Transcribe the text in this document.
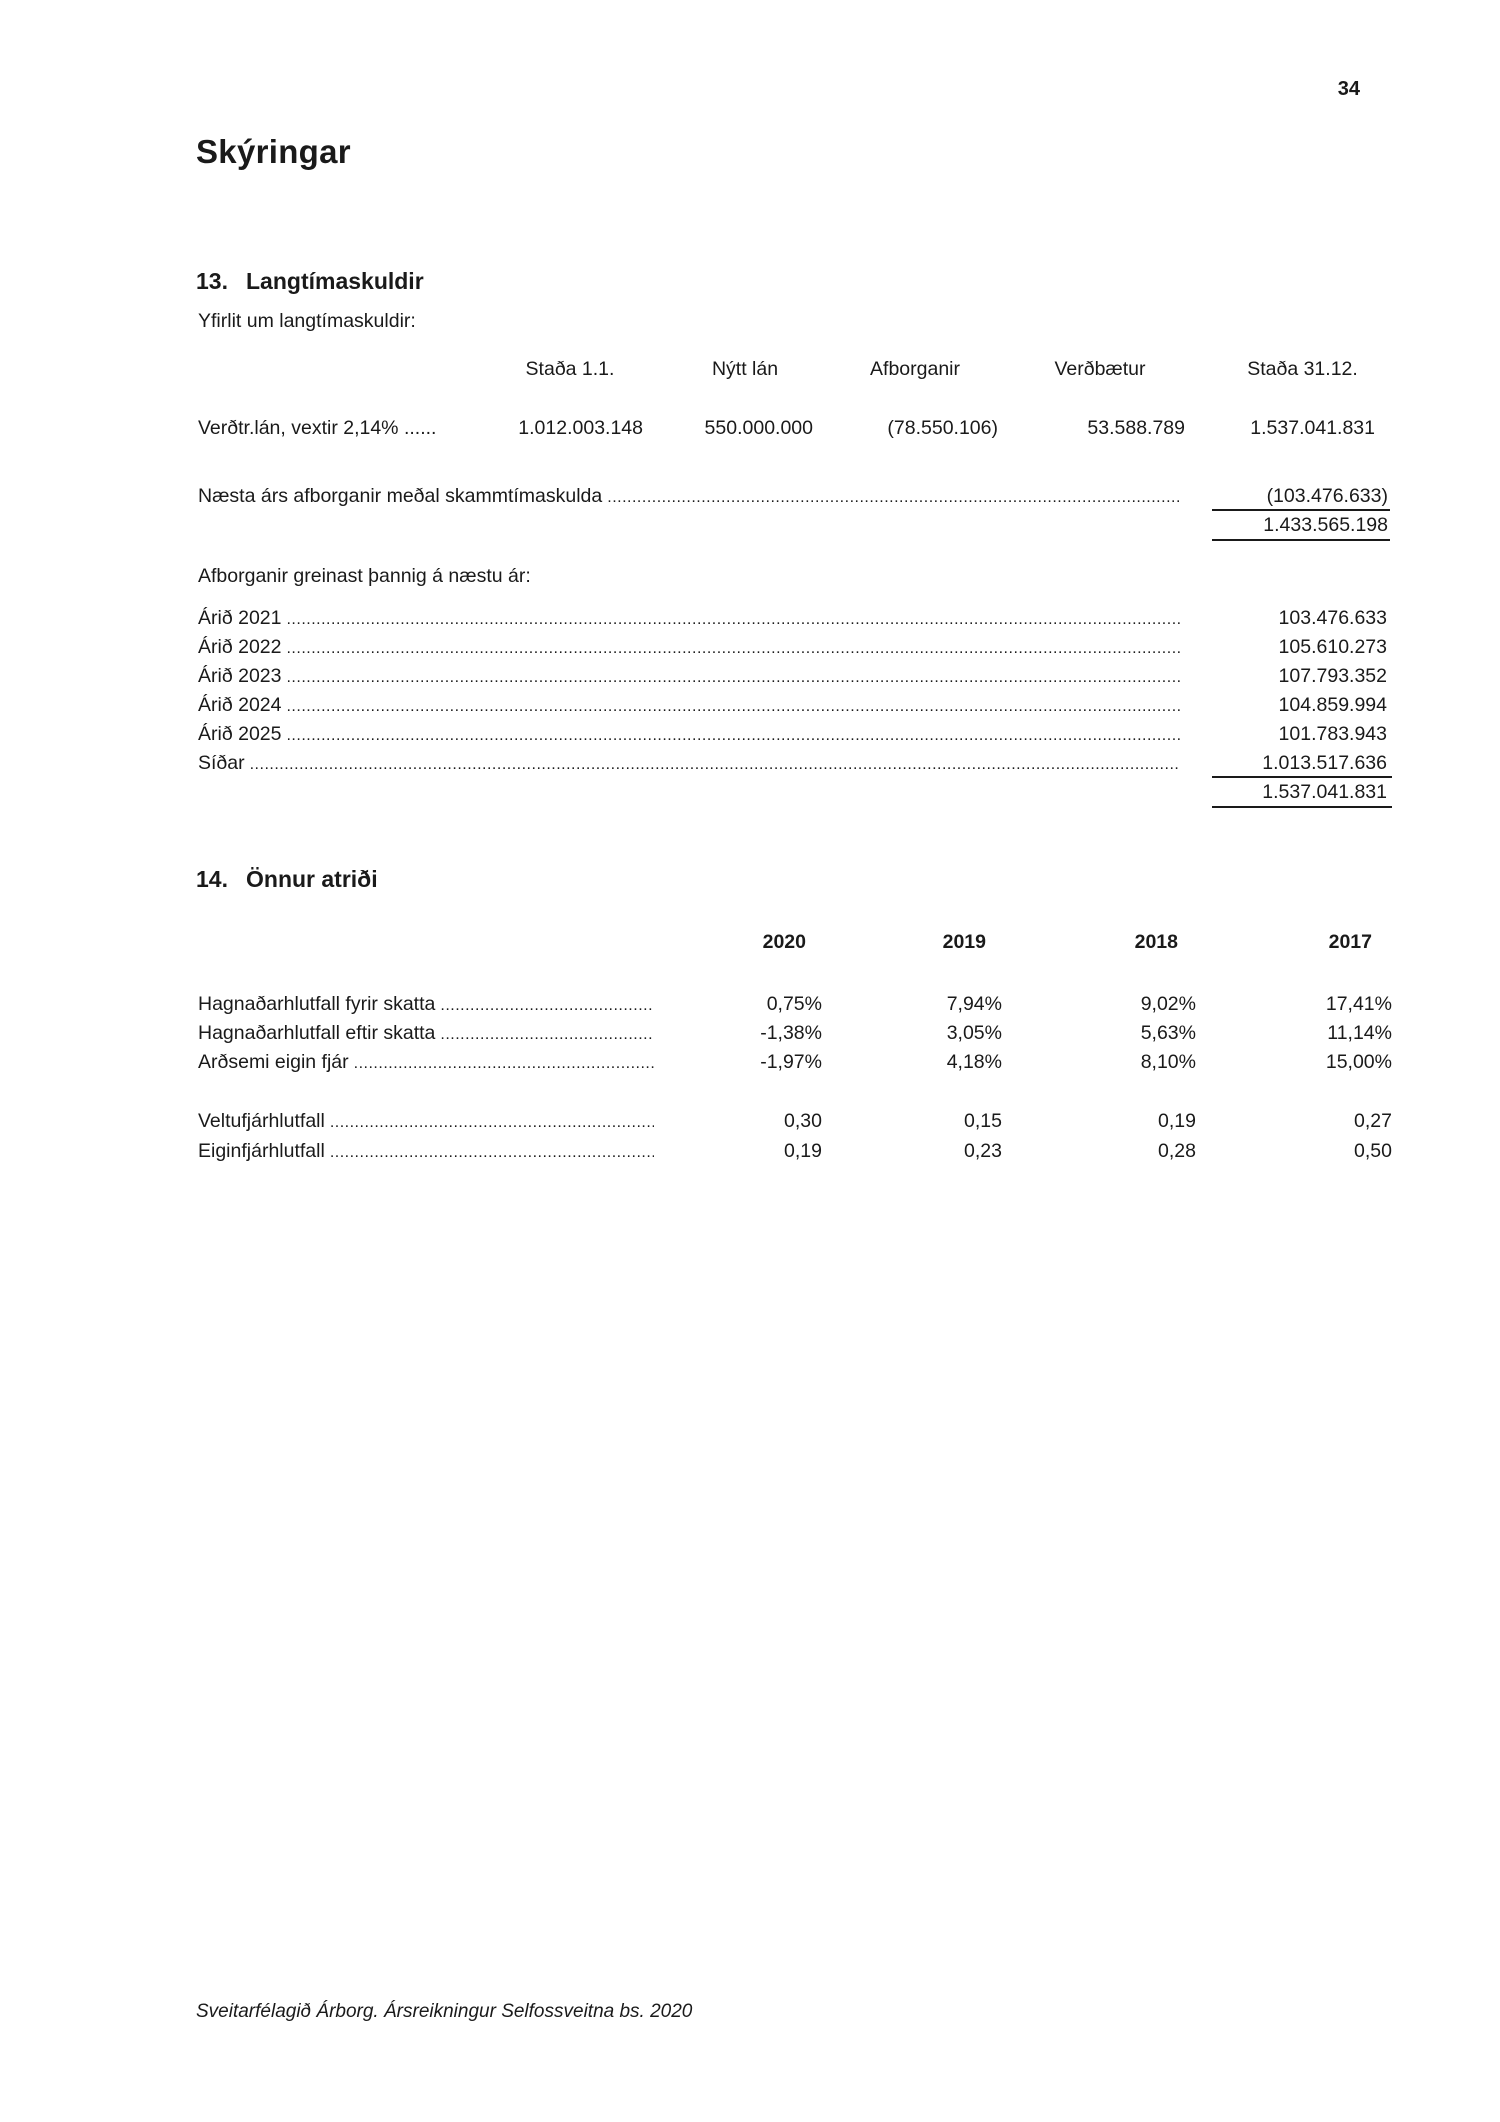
34
Skýringar
13. Langtímaskuldir
Yfirlit um langtímaskuldir:
Staða 1.1.	Nýtt lán	Afborganir	Verðbætur	Staða 31.12.
Verðtr.lán, vextir 2,14% ......	1.012.003.148	550.000.000	(78.550.106)	53.588.789	1.537.041.831
Næsta árs afborganir meðal skammtímaskulda .....	(103.476.633)
1.433.565.198
Afborganir greinast þannig á næstu ár:
Árið 2021 .....	103.476.633
Árið 2022 .....	105.610.273
Árið 2023 .....	107.793.352
Árið 2024 .....	104.859.994
Árið 2025 .....	101.783.943
Síðar .....	1.013.517.636
1.537.041.831
14. Önnur atriði
2020	2019	2018	2017
Hagnaðarhlutfall fyrir skatta .....	0,75%	7,94%	9,02%	17,41%
Hagnaðarhlutfall eftir skatta .....	-1,38%	3,05%	5,63%	11,14%
Arðsemi eigin fjár .....	-1,97%	4,18%	8,10%	15,00%
Veltufjárhlutfall .....	0,30	0,15	0,19	0,27
Eiginfjárhlutfall .....	0,19	0,23	0,28	0,50
Sveitarfélagið Árborg. Ársreikningur Selfossveitna bs. 2020
